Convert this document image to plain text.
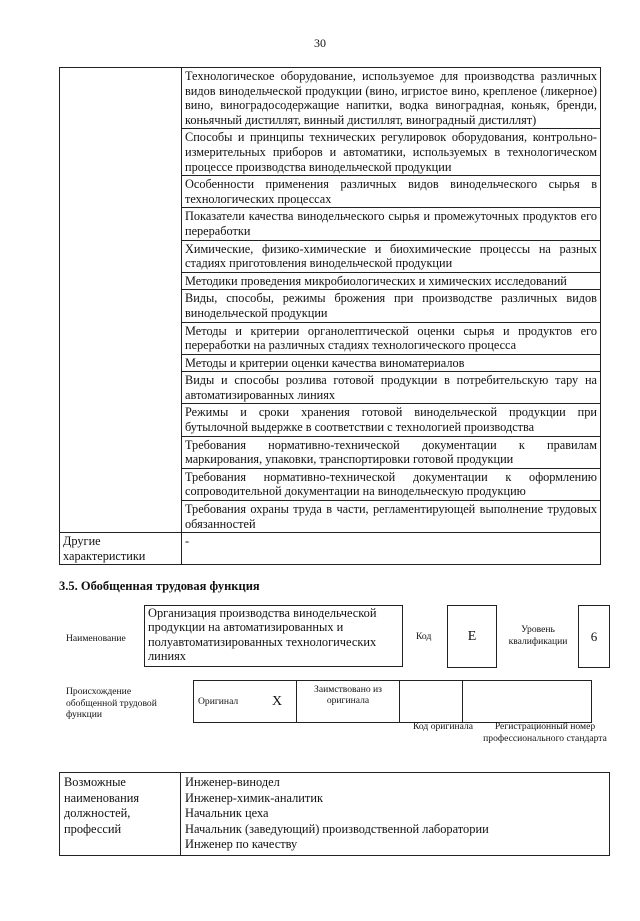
30
	Технологическое оборудование, используемое для производства различных видов винодельческой продукции (вино, игристое вино, крепленое (ликерное) вино, виноградосодержащие напитки, водка виноградная, коньяк, бренди, коньячный дистиллят, винный дистиллят, виноградный дистиллят)
	Способы и принципы технических регулировок оборудования, контрольно-измерительных приборов и автоматики, используемых в технологическом процессе производства винодельческой продукции
	Особенности применения различных видов винодельческого сырья в технологических процессах
	Показатели качества винодельческого сырья и промежуточных продуктов его переработки
	Химические, физико-химические и биохимические процессы на разных стадиях приготовления винодельческой продукции
	Методики проведения микробиологических и химических исследований
	Виды, способы, режимы брожения при производстве различных видов винодельческой продукции
	Методы и критерии органолептической оценки сырья и продуктов его переработки на различных стадиях технологического процесса
	Методы и критерии оценки качества виноматериалов
	Виды и способы розлива готовой продукции в потребительскую тару на автоматизированных линиях
	Режимы и сроки хранения готовой винодельческой продукции при бутылочной выдержке в соответствии с технологией производства
	Требования нормативно-технической документации к правилам маркирования, упаковки, транспортировки готовой продукции
	Требования нормативно-технической документации к оформлению сопроводительной документации на винодельческую продукцию
	Требования охраны труда в части, регламентирующей выполнение трудовых обязанностей
Другие характеристики	-
3.5. Обобщенная трудовая функция
Наименование
Организация производства винодельческой продукции на автоматизированных и полуавтоматизированных технологических линиях
Код	E	Уровень квалификации	6
Происхождение обобщенной трудовой функции
Оригинал	X	Заимствовано из оригинала		
Код оригинала	Регистрационный номер профессионального стандарта
Возможные наименования должностей, профессий	
Инженер-винодел
Инженер-химик-аналитик
Начальник цеха
Начальник (заведующий) производственной лаборатории
Инженер по качеству
